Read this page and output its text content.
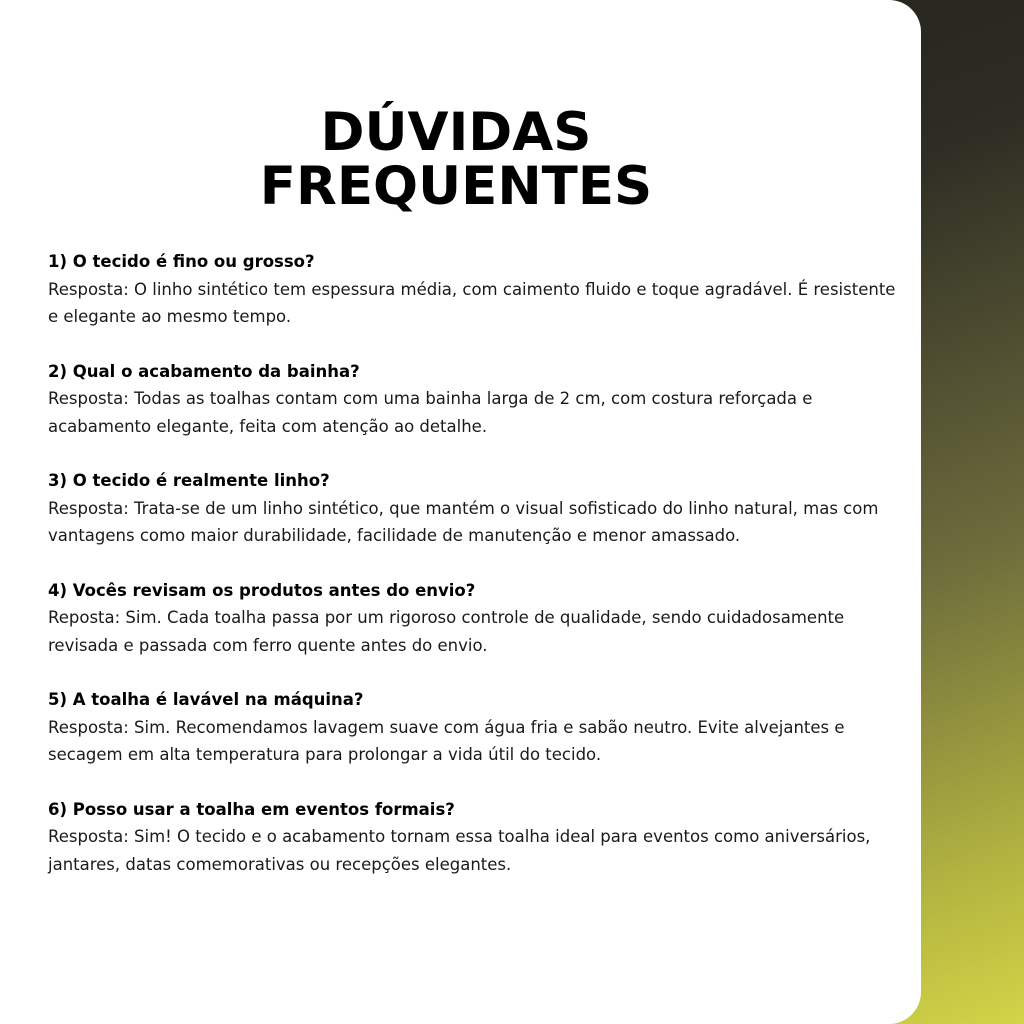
DÚVIDAS
FREQUENTES
1) O tecido é fino ou grosso?
Resposta: O linho sintético tem espessura média, com caimento fluido e toque agradável. É resistente e elegante ao mesmo tempo.
2) Qual o acabamento da bainha?
Resposta: Todas as toalhas contam com uma bainha larga de 2 cm, com costura reforçada e acabamento elegante, feita com atenção ao detalhe.
3) O tecido é realmente linho?
Resposta: Trata-se de um linho sintético, que mantém o visual sofisticado do linho natural, mas com vantagens como maior durabilidade, facilidade de manutenção e menor amassado.
4) Vocês revisam os produtos antes do envio?
Reposta: Sim. Cada toalha passa por um rigoroso controle de qualidade, sendo cuidadosamente revisada e passada com ferro quente antes do envio.
5) A toalha é lavável na máquina?
Resposta: Sim. Recomendamos lavagem suave com água fria e sabão neutro. Evite alvejantes e secagem em alta temperatura para prolongar a vida útil do tecido.
6) Posso usar a toalha em eventos formais?
Resposta: Sim! O tecido e o acabamento tornam essa toalha ideal para eventos como aniversários, jantares, datas comemorativas ou recepções elegantes.
